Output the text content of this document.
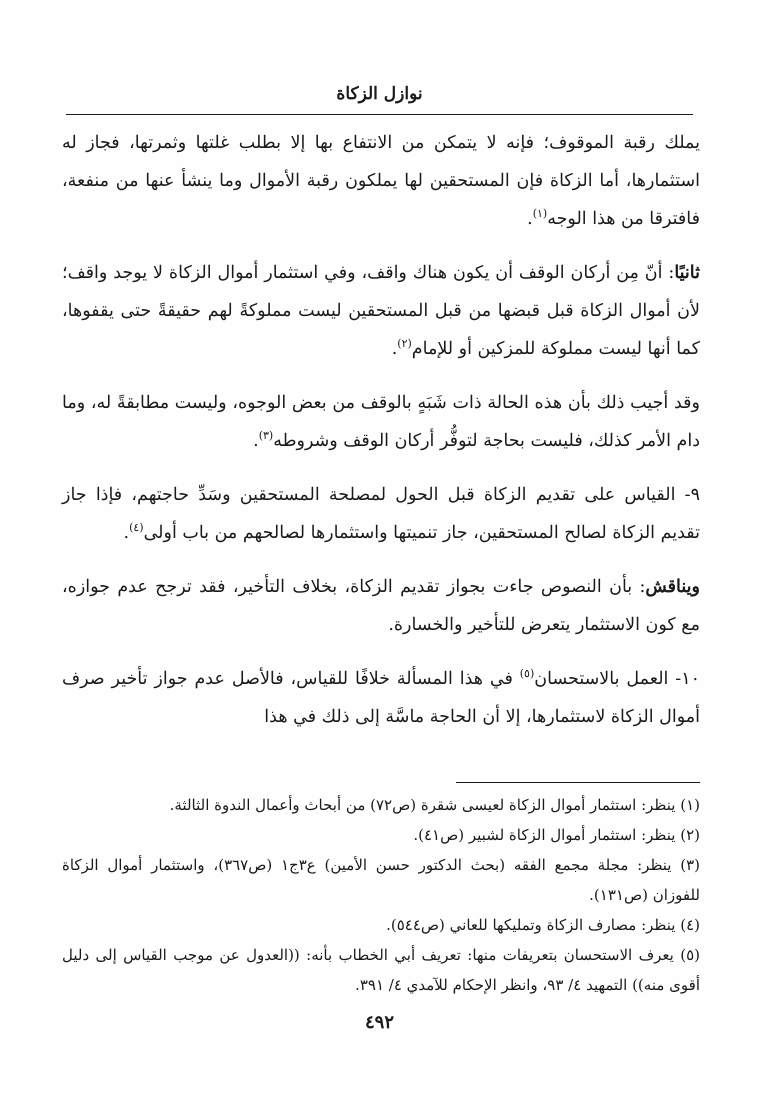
نوازل الزكاة

يملك رقبة الموقوف؛ فإنه لا يتمكن من الانتفاع بها إلا بطلب غلتها وثمرتها، فجاز له استثمارها، أما الزكاة فإن المستحقين لها يملكون رقبة الأموال وما ينشأ عنها من منفعة، فافترقا من هذا الوجه$^{(١)}$.

ثانيًا: أنّ مِن أركان الوقف أن يكون هناك واقف، وفي استثمار أموال الزكاة لا يوجد واقف؛ لأن أموال الزكاة قبل قبضها من قبل المستحقين ليست مملوكةً لهم حقيقةً حتى يقفوها، كما أنها ليست مملوكة للمزكين أو للإمام$^{(٢)}$.

وقد أجيب ذلك بأن هذه الحالة ذات شَبَهٍ بالوقف من بعض الوجوه، وليست مطابقةً له، وما دام الأمر كذلك، فليست بحاجة لتوفُّر أركان الوقف وشروطه$^{(٣)}$.

٩- القياس على تقديم الزكاة قبل الحول لمصلحة المستحقين وسَدِّ حاجتهم، فإذا جاز تقديم الزكاة لصالح المستحقين، جاز تنميتها واستثمارها لصالحهم من باب أولى$^{(٤)}$.

ويناقش: بأن النصوص جاءت بجواز تقديم الزكاة، بخلاف التأخير، فقد ترجح عدم جوازه، مع كون الاستثمار يتعرض للتأخير والخسارة.

١٠- العمل بالاستحسان$^{(٥)}$ في هذا المسألة خلافًا للقياس، فالأصل عدم جواز تأخير صرف أموال الزكاة لاستثمارها، إلا أن الحاجة ماسَّة إلى ذلك في هذا

(١) ينظر: استثمار أموال الزكاة لعيسى شقرة (ص٧٢) من أبحاث وأعمال الندوة الثالثة.

(٢) ينظر: استثمار أموال الزكاة لشبير (ص٤١).

(٣) ينظر: مجلة مجمع الفقه (بحث الدكتور حسن الأمين) ع٣ج١ (ص٣٦٧)، واستثمار أموال الزكاة للفوزان (ص١٣١).

(٤) ينظر: مصارف الزكاة وتمليكها للعاني (ص٥٤٤).

(٥) يعرف الاستحسان بتعريفات منها: تعريف أبي الخطاب بأنه: ((العدول عن موجب القياس إلى دليل أقوى منه)) التمهيد ٤/ ٩٣، وانظر الإحكام للآمدي ٤/ ٣٩١.

٤٩٢
